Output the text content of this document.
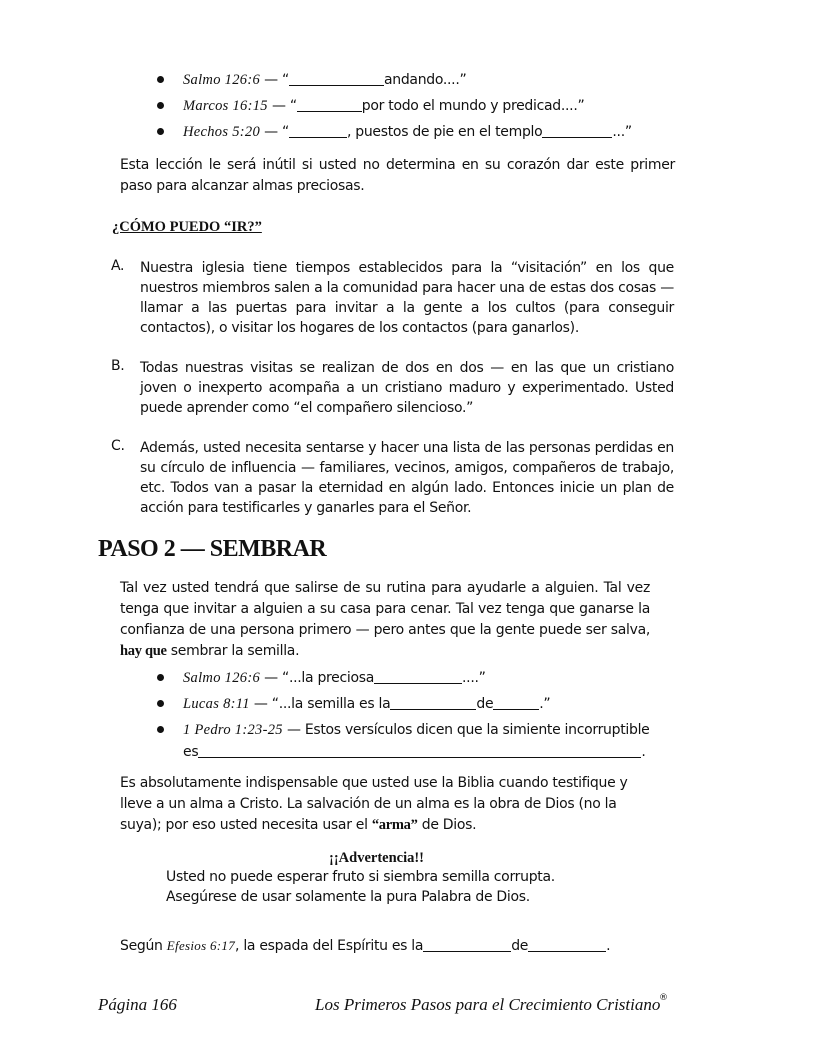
Salmo 126:6 — “	andando....”
Marcos 16:15 — “	por todo el mundo y predicad....”
Hechos 5:20 — “	, puestos de pie en el templo	...”
Esta lección le será inútil si usted no determina en su corazón dar este primer paso para alcanzar almas preciosas.
¿CÓMO PUEDO “IR?”
A. Nuestra iglesia tiene tiempos establecidos para la “visitación” en los que nuestros miembros salen a la comunidad para hacer una de estas dos cosas — llamar a las puertas para invitar a la gente a los cultos (para conseguir contactos), o visitar los hogares de los contactos (para ganarlos).
B. Todas nuestras visitas se realizan de dos en dos — en las que un cristiano joven o inexperto acompaña a un cristiano maduro y experimentado. Usted puede aprender como “el compañero silencioso.”
C. Además, usted necesita sentarse y hacer una lista de las personas perdidas en su círculo de influencia — familiares, vecinos, amigos, compañeros de trabajo, etc. Todos van a pasar la eternidad en algún lado. Entonces inicie un plan de acción para testificarles y ganarles para el Señor.
PASO 2 — SEMBRAR
Tal vez usted tendrá que salirse de su rutina para ayudarle a alguien. Tal vez tenga que invitar a alguien a su casa para cenar. Tal vez tenga que ganarse la confianza de una persona primero — pero antes que la gente puede ser salva, hay que sembrar la semilla.
Salmo 126:6 — “...la preciosa	....”
Lucas 8:11 — “...la semilla es la	de	.”
1 Pedro 1:23-25 — Estos versículos dicen que la simiente incorruptible
es	.
Es absolutamente indispensable que usted use la Biblia cuando testifique y lleve a un alma a Cristo. La salvación de un alma es la obra de Dios (no la suya); por eso usted necesita usar el “arma” de Dios.
¡¡Advertencia!!
Usted no puede esperar fruto si siembra semilla corrupta.
Asegúrese de usar solamente la pura Palabra de Dios.
Según Efesios 6:17, la espada del Espíritu es la	de	.
Página 166	Los Primeros Pasos para el Crecimiento Cristiano
®
